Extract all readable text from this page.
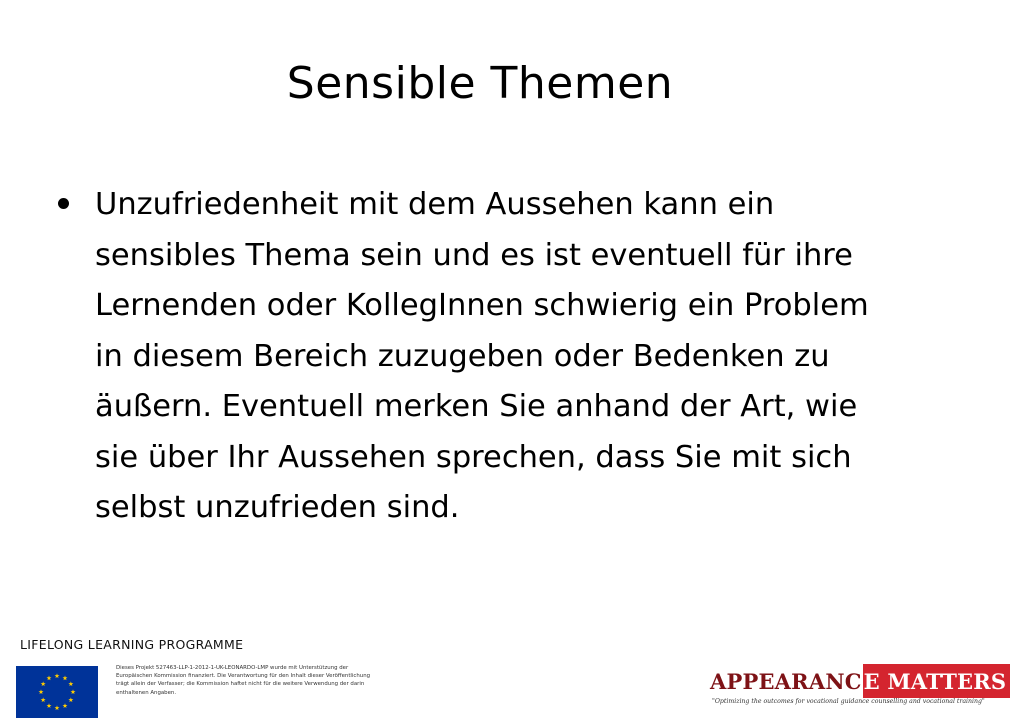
Sensible Themen
Unzufriedenheit mit dem Aussehen kann ein sensibles Thema sein und es ist eventuell für ihre Lernenden oder KollegInnen schwierig ein Problem in diesem Bereich zuzugeben oder Bedenken zu äußern. Eventuell merken Sie anhand der Art, wie sie über Ihr Aussehen sprechen, dass Sie mit sich selbst unzufrieden sind.
LIFELONG LEARNING PROGRAMME
Dieses Projekt 527463-LLP-1-2012-1-UK-LEONARDO-LMP wurde mit Unterstützung der Europäischen Kommission finanziert. Die Verantwortung für den Inhalt dieser Veröffentlichung trägt allein der Verfasser; die Kommission haftet nicht für die weitere Verwendung der darin enthaltenen Angaben.	APPEARANC E MATTERS
"Optimizing the outcomes for vocational guidance counselling and vocational training"
